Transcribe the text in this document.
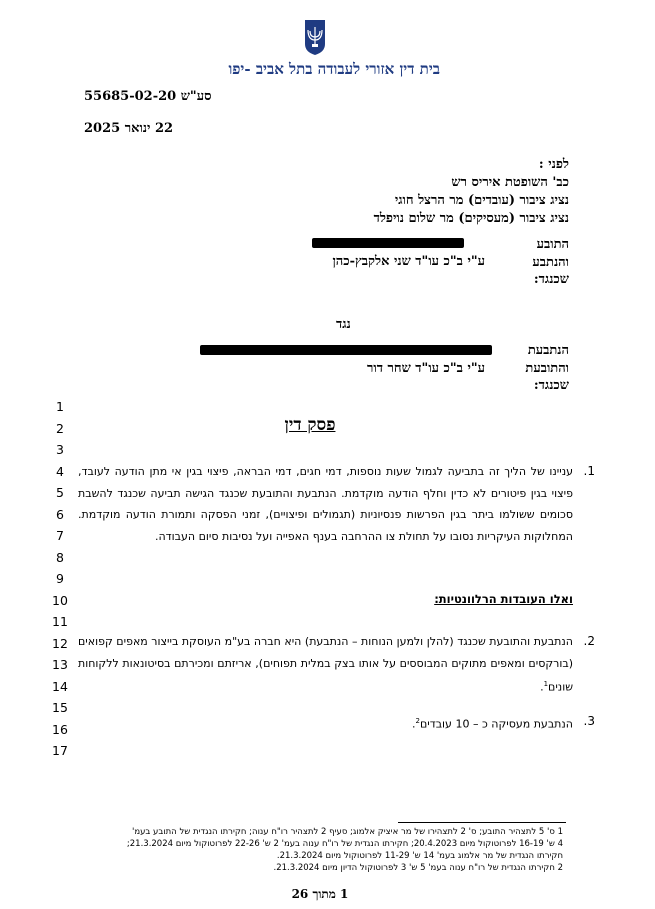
בית דין אזורי לעבודה בתל אביב -יפו
סע"ש 55685-02-20
22 ינואר 2025
לפני :
כב' השופטת איריס רש
נציג ציבור (עובדים) מר הרצל חוגי
נציג ציבור (מעסיקים) מר שלום נויפלד
התובע
והנתבע
שכנגד:
ע"י ב"כ עו"ד שני אלקבץ-כהן
נגד
הנתבעת
והתובעת
שכנגד:
ע"י ב"כ עו"ד שחר דור
1
2
3
4
5
6
7
8
9
10
11
12
13
14
15
16
17
פסק דין
1.
עניינו של הליך זה בתביעה לגמול שעות נוספות, דמי חגים, דמי הבראה, פיצוי בגין אי מתן הודעה לעובד, פיצוי בגין פיטורים לא כדין וחלף הודעה מוקדמת. הנתבעת והתובעת שכנגד הגישה תביעה שכנגד להשבת סכומים ששולמו ביתר בגין הפרשות פנסיוניות (תגמולים ופיצויים), זמני הפסקה ותמורת הודעה מוקדמת. המחלוקות העיקריות נסובו על תחולת צו ההרחבה בענף האפייה ועל נסיבות סיום העבודה.
ואלו העובדות הרלוונטיות:
2.
הנתבעת והתובעת שכנגד (להלן ולמען הנוחות – הנתבעת) היא חברה בע"מ העוסקת בייצור מאפים קפואים (בורקסים ומאפים מתוקים המבוססים על אותו בצק במלית תפוחים), אריזתם ומכירתם בסיטונאות ללקוחות שונים$^1$.
3.
הנתבעת מעסיקה כ – 10 עובדים$^2$.
1 ס' 5 לתצהיר התובע; ס' 2 לתצהירו של מר איציק אלמוג; סעיף 2 לתצהיר רו"ח ענוה; חקירתו הנגדית של התובע בעמ'
4 ש' 16-19 לפרוטוקול מיום 20.4.2023; חקירתו הנגדית של רו"ח ענוה בעמ' 2 ש' 22-26 לפרוטוקול מיום 21.3.2024;
חקירתו הנגדית של מר אלמוג בעמ' 14 ש' 11-29 לפרוטוקול מיום 21.3.2024.
2 חקירתו הנגדית של רו"ח ענוה בעמ' 5 ש' 3 לפרוטוקול הדיון מיום 21.3.2024.
1 מתוך 26
